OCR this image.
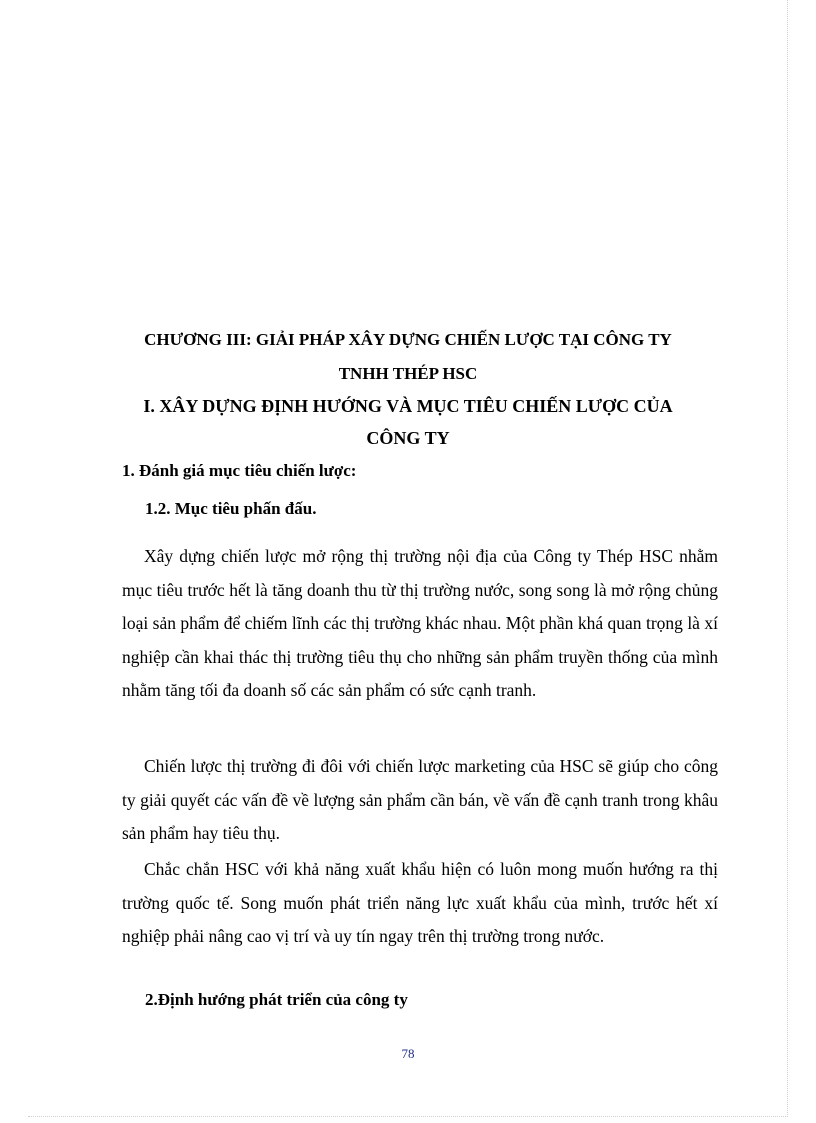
CHƯƠNG III: GIẢI PHÁP XÂY DỰNG CHIẾN LƯỢC TẠI CÔNG TY
TNHH THÉP HSC
I. XÂY DỰNG ĐỊNH HƯỚNG VÀ MỤC TIÊU CHIẾN LƯỢC CỦA
CÔNG TY
1. Đánh giá mục tiêu chiến lược:
1.2. Mục tiêu phấn đấu.

Xây dựng chiến lược mở rộng thị trường nội địa của Công ty Thép HSC nhằm mục tiêu trước hết là tăng doanh thu từ thị trường nước, song song là mở rộng chủng loại sản phẩm để chiếm lĩnh các thị trường khác nhau. Một phần khá quan trọng là xí nghiệp cần khai thác thị trường tiêu thụ cho những sản phẩm truyền thống của mình nhằm tăng tối đa doanh số các sản phẩm có sức cạnh tranh.

Chiến lược thị trường đi đôi với chiến lược marketing của HSC sẽ giúp cho công ty giải quyết các vấn đề về lượng sản phẩm cần bán, về vấn đề cạnh tranh trong khâu sản phẩm hay tiêu thụ.

Chắc chắn HSC với khả năng xuất khẩu hiện có luôn mong muốn hướng ra thị trường quốc tế. Song muốn phát triển năng lực xuất khẩu của mình, trước hết xí nghiệp phải nâng cao vị trí và uy tín ngay trên thị trường trong nước.

2.Định hướng phát triển của công ty
78
